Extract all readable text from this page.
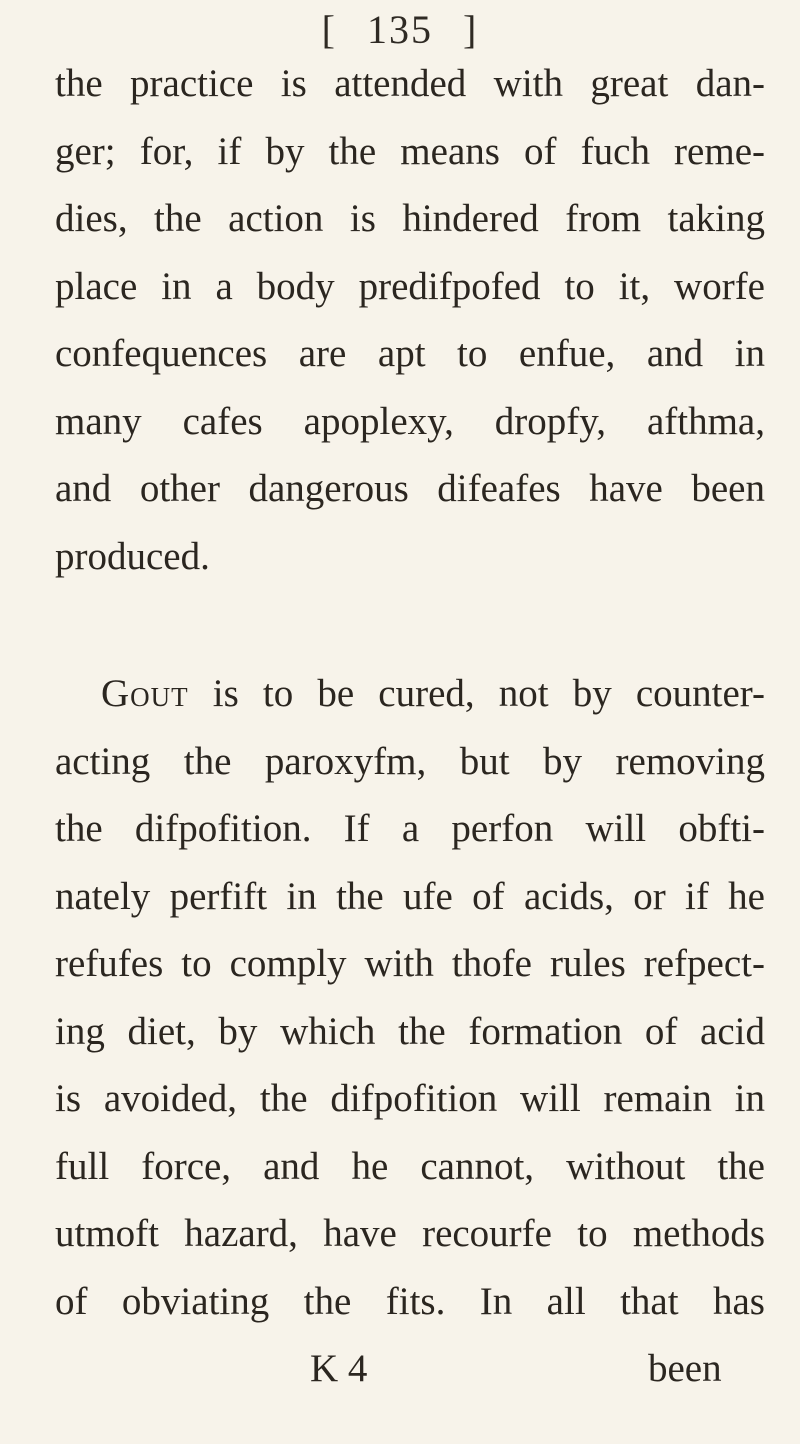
[ 135 ]
the practice is attended with great dan-
ger; for, if by the means of fuch reme-
dies, the action is hindered from taking
place in a body predifpofed to it, worfe
confequences are apt to enfue, and in
many cafes apoplexy, dropfy, afthma,
and other dangerous difeafes have been
produced.
Gout is to be cured, not by counter-
acting the paroxyfm, but by removing
the difpofition. If a perfon will obfti-
nately perfift in the ufe of acids, or if he
refufes to comply with thofe rules refpect-
ing diet, by which the formation of acid
is avoided, the difpofition will remain in
full force, and he cannot, without the
utmoft hazard, have recourfe to methods
of obviating the fits. In all that has
K 4	been
